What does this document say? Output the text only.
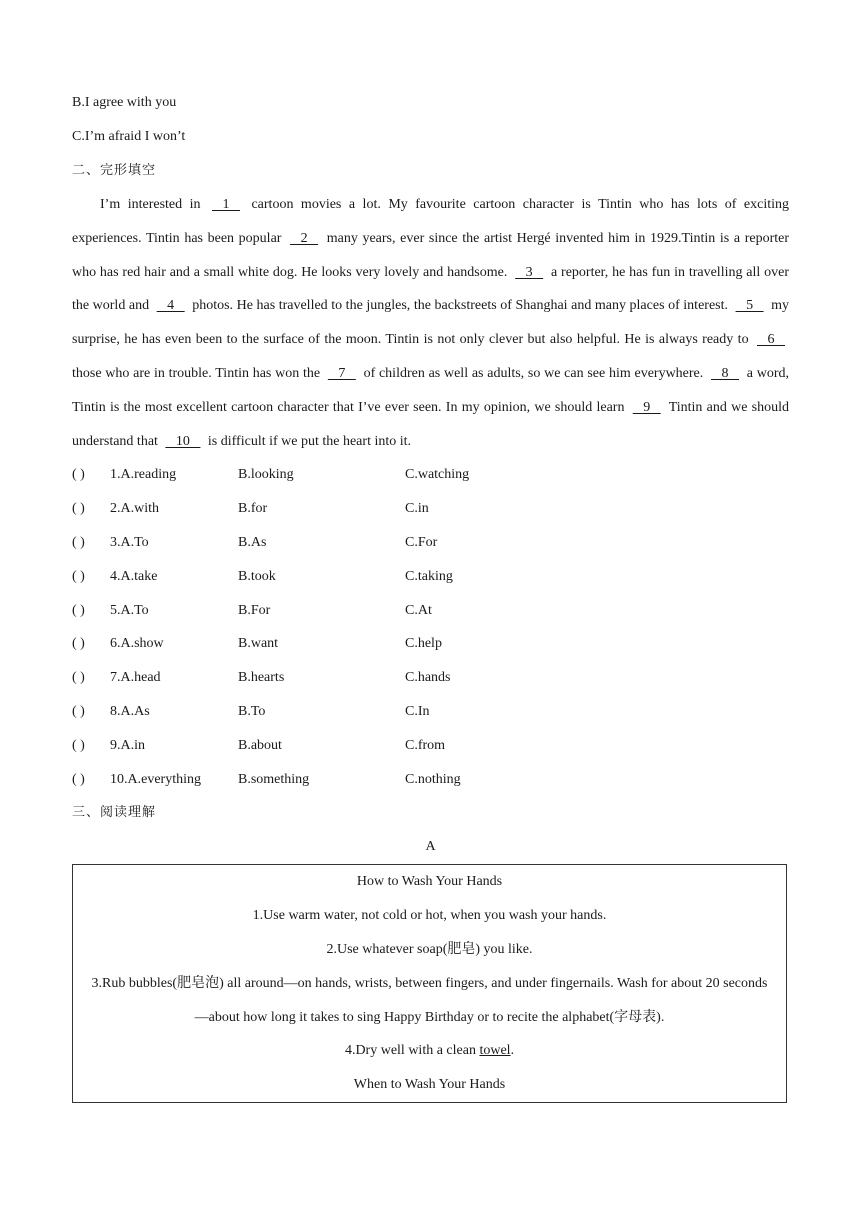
B.I agree with you
C.I’m afraid I won’t
二、完形填空

I’m interested in    1    cartoon movies a lot. My favourite cartoon character is Tintin who has lots of exciting experiences. Tintin has been popular    2    many years, ever since the artist Hergé invented him in 1929.Tintin is a reporter who has red hair and a small white dog. He looks very lovely and handsome.    3    a reporter, he has fun in travelling all over the world and    4    photos. He has travelled to the jungles, the backstreets of Shanghai and many places of interest.    5    my surprise, he has even been to the surface of the moon. Tintin is not only clever but also helpful. He is always ready to    6    those who are in trouble. Tintin has won the    7    of children as well as adults, so we can see him everywhere.    8    a word, Tintin is the most excellent cartoon character that I’ve ever seen. In my opinion, we should learn    9    Tintin and we should understand that    10    is difficult if we put the heart into it.

( ) 1.A.reading	B.looking	C.watching
( ) 2.A.with	B.for	C.in
( ) 3.A.To	B.As	C.For
( ) 4.A.take	B.took	C.taking
( ) 5.A.To	B.For	C.At
( ) 6.A.show	B.want	C.help
( ) 7.A.head	B.hearts	C.hands
( ) 8.A.As	B.To	C.In
( ) 9.A.in	B.about	C.from
( ) 10.A.everything	B.something	C.nothing
三、阅读理解
A
How to Wash Your Hands
1.Use warm water, not cold or hot, when you wash your hands.
2.Use whatever soap(肥皂) you like.
3.Rub bubbles(肥皂泡) all around—on hands, wrists, between fingers, and under fingernails. Wash for about 20 seconds—about how long it takes to sing Happy Birthday or to recite the alphabet(字母表).
4.Dry well with a clean towel.
When to Wash Your Hands
